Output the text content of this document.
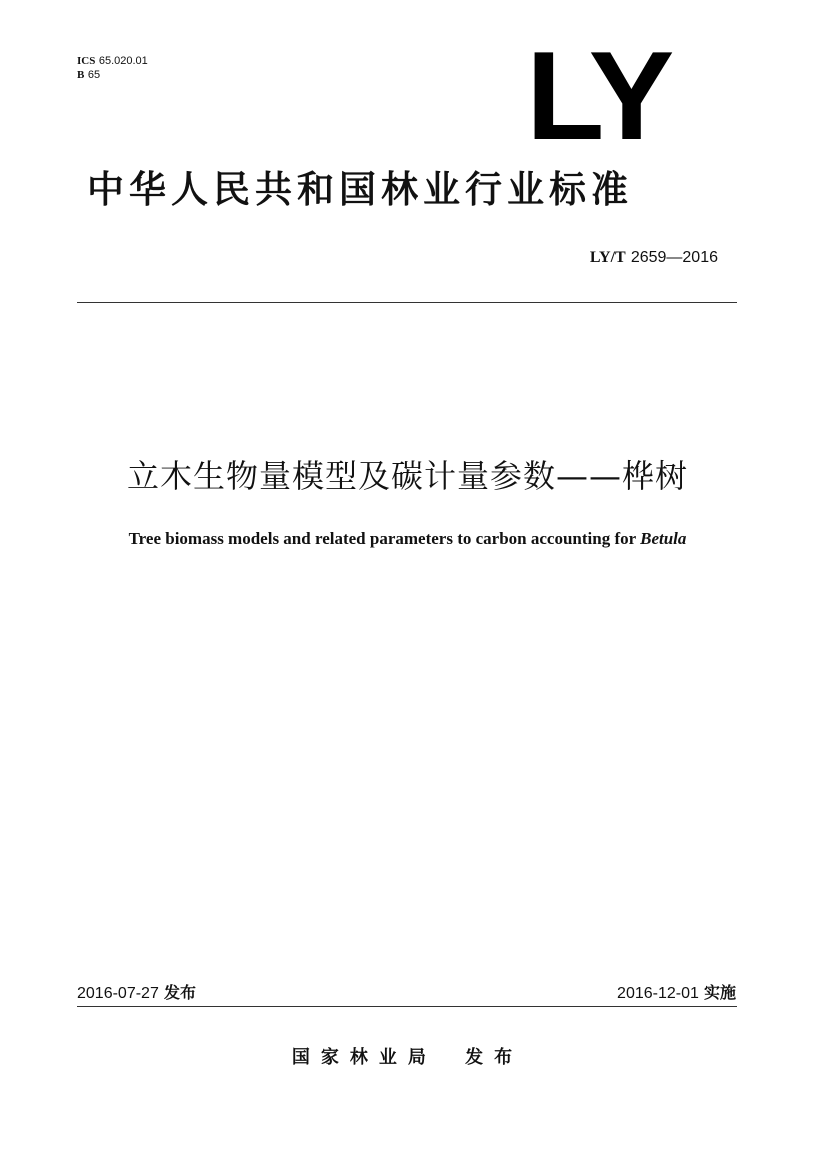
ICS 65.020.01
B 65	LY
中华人民共和国林业行业标准
LY/T 2659—2016
立木生物量模型及碳计量参数——桦树
Tree biomass models and related parameters to carbon accounting for Betula
2016-07-27 发布	2016-12-01 实施
国家林业局 发布
